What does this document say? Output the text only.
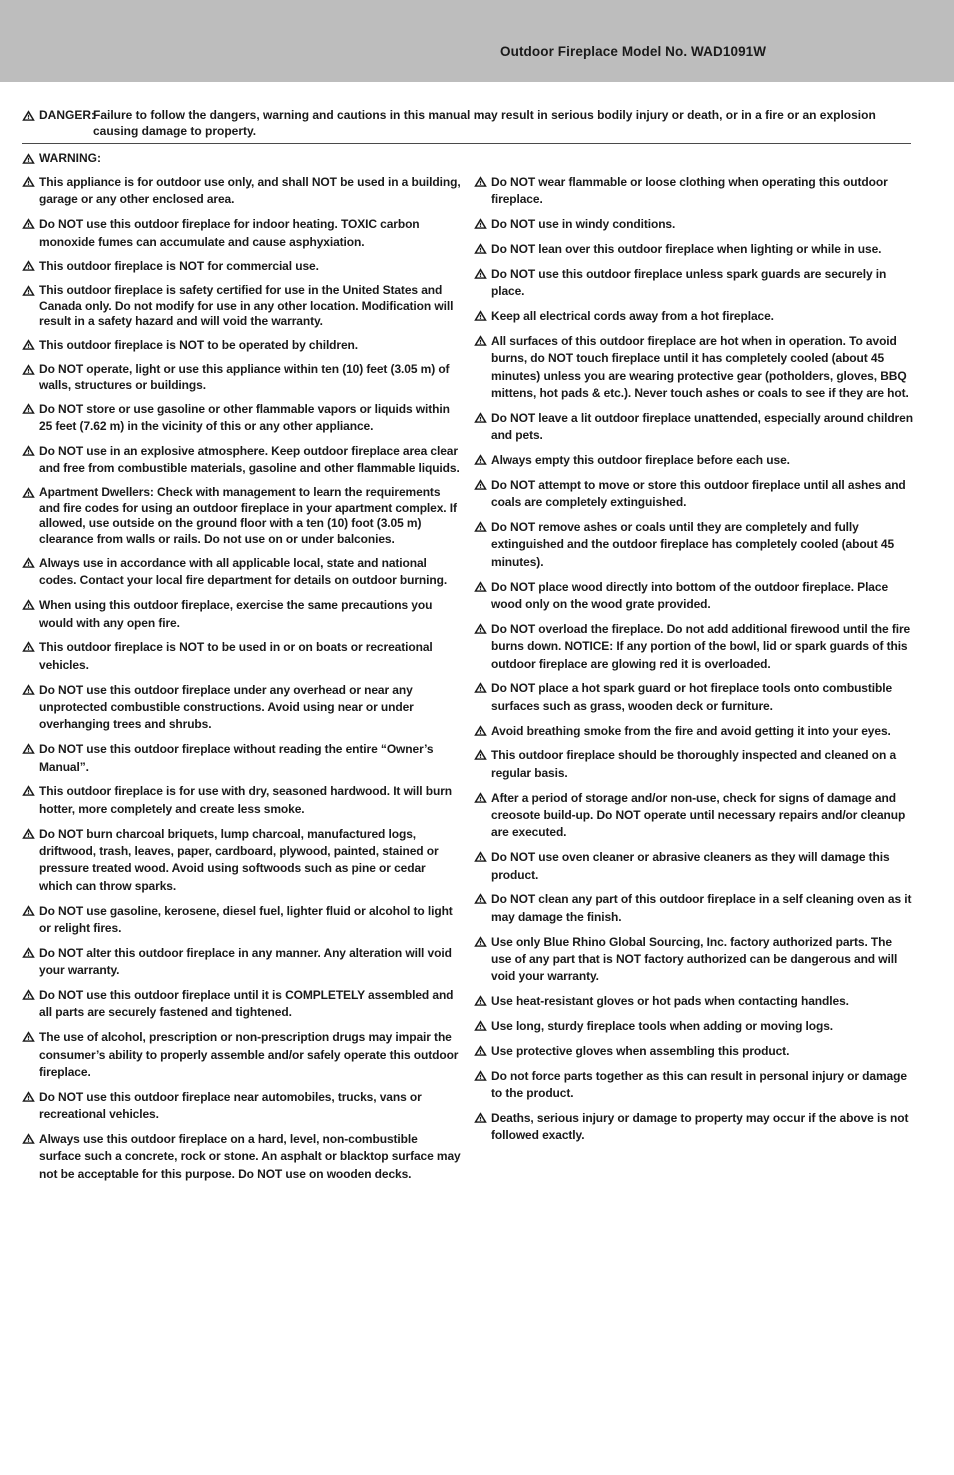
Outdoor Fireplace Model No. WAD1091W
DANGER:
Failure to follow the dangers, warning and cautions in this manual may result in serious bodily injury or death, or in a fire or an explosion causing damage to property.
WARNING:
This appliance is for outdoor use only, and shall NOT be used in a building, garage or any other enclosed area.
Do NOT use this outdoor fireplace for indoor heating. TOXIC carbon monoxide fumes can accumulate and cause asphyxiation.
This outdoor fireplace is NOT for commercial use.
This outdoor fireplace is safety certified for use in the United States and Canada only. Do not modify for use in any other location. Modification will result in a safety hazard and will void the warranty.
This outdoor fireplace is NOT to be operated by children.
Do NOT operate, light or use this appliance within ten (10) feet (3.05 m) of walls, structures or buildings.
Do NOT store or use gasoline or other flammable vapors or liquids within 25 feet (7.62 m) in the vicinity of this or any other appliance.
Do NOT use in an explosive atmosphere. Keep outdoor fireplace area clear and free from combustible materials, gasoline and other flammable liquids.
Apartment Dwellers: Check with management to learn the requirements and fire codes for using an outdoor fireplace in your apartment complex. If allowed, use outside on the ground floor with a ten (10) foot (3.05 m) clearance from walls or rails. Do not use on or under balconies.
Always use in accordance with all applicable local, state and national codes. Contact your local fire department for details on outdoor burning.
When using this outdoor fireplace, exercise the same precautions you would with any open fire.
This outdoor fireplace is NOT to be used in or on boats or recreational vehicles.
Do NOT use this outdoor fireplace under any overhead or near any unprotected combustible constructions. Avoid using near or under overhanging trees and shrubs.
Do NOT use this outdoor fireplace without reading the entire “Owner’s Manual”.
This outdoor fireplace is for use with dry, seasoned hardwood. It will burn hotter, more completely and create less smoke.
Do NOT burn charcoal briquets, lump charcoal, manufactured logs, driftwood, trash, leaves, paper, cardboard, plywood, painted, stained or pressure treated wood. Avoid using softwoods such as pine or cedar which can throw sparks.
Do NOT use gasoline, kerosene, diesel fuel, lighter fluid or alcohol to light or relight fires.
Do NOT alter this outdoor fireplace in any manner. Any alteration will void your warranty.
Do NOT use this outdoor fireplace until it is COMPLETELY assembled and all parts are securely fastened and tightened.
The use of alcohol, prescription or non-prescription drugs may impair the consumer’s ability to properly assemble and/or safely operate this outdoor fireplace.
Do NOT use this outdoor fireplace near automobiles, trucks, vans or recreational vehicles.
Always use this outdoor fireplace on a hard, level, non-combustible surface such a concrete, rock or stone. An asphalt or blacktop surface may not be acceptable for this purpose. Do NOT use on wooden decks.
Do NOT wear flammable or loose clothing when operating this outdoor fireplace.
Do NOT use in windy conditions.
Do NOT lean over this outdoor fireplace when lighting or while in use.
Do NOT use this outdoor fireplace unless spark guards are securely in place.
Keep all electrical cords away from a hot fireplace.
All surfaces of this outdoor fireplace are hot when in operation. To avoid burns, do NOT touch fireplace until it has completely cooled (about 45 minutes) unless you are wearing protective gear (potholders, gloves, BBQ mittens, hot pads & etc.). Never touch ashes or coals to see if they are hot.
Do NOT leave a lit outdoor fireplace unattended, especially around children and pets.
Always empty this outdoor fireplace before each use.
Do NOT attempt to move or store this outdoor fireplace until all ashes and coals are completely extinguished.
Do NOT remove ashes or coals until they are completely and fully extinguished and the outdoor fireplace has completely cooled (about 45 minutes).
Do NOT place wood directly into bottom of the outdoor fireplace. Place wood only on the wood grate provided.
Do NOT overload the fireplace. Do not add additional firewood until the fire burns down. NOTICE: If any portion of the bowl, lid or spark guards of this outdoor fireplace are glowing red it is overloaded.
Do NOT place a hot spark guard or hot fireplace tools onto combustible surfaces such as grass, wooden deck or furniture.
Avoid breathing smoke from the fire and avoid getting it into your eyes.
This outdoor fireplace should be thoroughly inspected and cleaned on a regular basis.
After a period of storage and/or non-use, check for signs of damage and creosote build-up. Do NOT operate until necessary repairs and/or cleanup are executed.
Do NOT use oven cleaner or abrasive cleaners as they will damage this product.
Do NOT clean any part of this outdoor fireplace in a self cleaning oven as it may damage the finish.
Use only Blue Rhino Global Sourcing, Inc. factory authorized parts. The use of any part that is NOT factory authorized can be dangerous and will void your warranty.
Use heat-resistant gloves or hot pads when contacting handles.
Use long, sturdy fireplace tools when adding or moving logs.
Use protective gloves when assembling this product.
Do not force parts together as this can result in personal injury or damage to the product.
Deaths, serious injury or damage to property may occur if the above is not followed exactly.
